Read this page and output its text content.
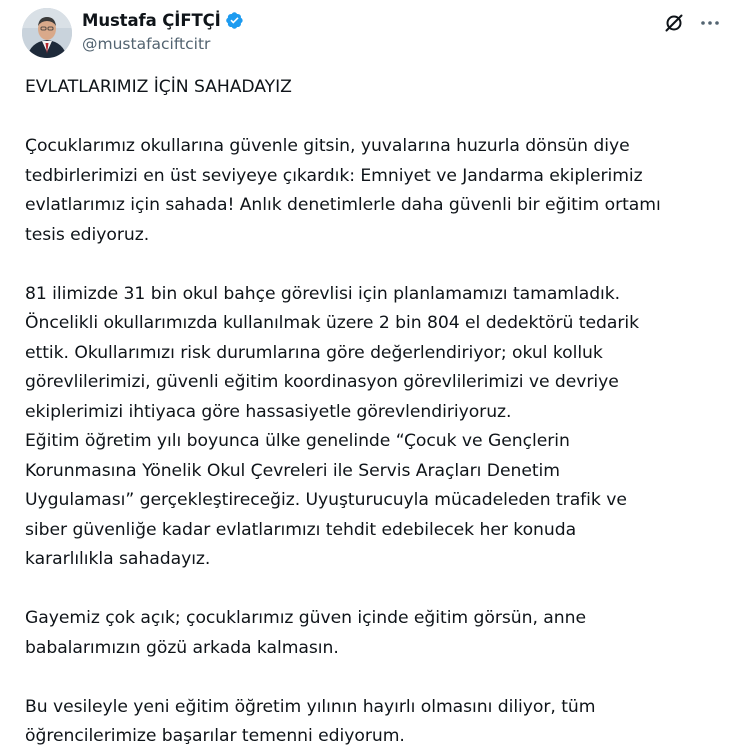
Mustafa ÇİFTÇİ
@mustafaciftcitr

EVLATLARIMIZ İÇİN SAHADAYIZ

Çocuklarımız okullarına güvenle gitsin, yuvalarına huzurla dönsün diye

tedbirlerimizi en üst seviyeye çıkardık: Emniyet ve Jandarma ekiplerimiz

evlatlarımız için sahada! Anlık denetimlerle daha güvenli bir eğitim ortamı

tesis ediyoruz.

81 ilimizde 31 bin okul bahçe görevlisi için planlamamızı tamamladık.

Öncelikli okullarımızda kullanılmak üzere 2 bin 804 el dedektörü tedarik

ettik. Okullarımızı risk durumlarına göre değerlendiriyor; okul kolluk

görevlilerimizi, güvenli eğitim koordinasyon görevlilerimizi ve devriye

ekiplerimizi ihtiyaca göre hassasiyetle görevlendiriyoruz.

Eğitim öğretim yılı boyunca ülke genelinde “Çocuk ve Gençlerin

Korunmasına Yönelik Okul Çevreleri ile Servis Araçları Denetim

Uygulaması” gerçekleştireceğiz. Uyuşturucuyla mücadeleden trafik ve

siber güvenliğe kadar evlatlarımızı tehdit edebilecek her konuda

kararlılıkla sahadayız.

Gayemiz çok açık; çocuklarımız güven içinde eğitim görsün, anne

babalarımızın gözü arkada kalmasın.

Bu vesileyle yeni eğitim öğretim yılının hayırlı olmasını diliyor, tüm

öğrencilerimize başarılar temenni ediyorum.
